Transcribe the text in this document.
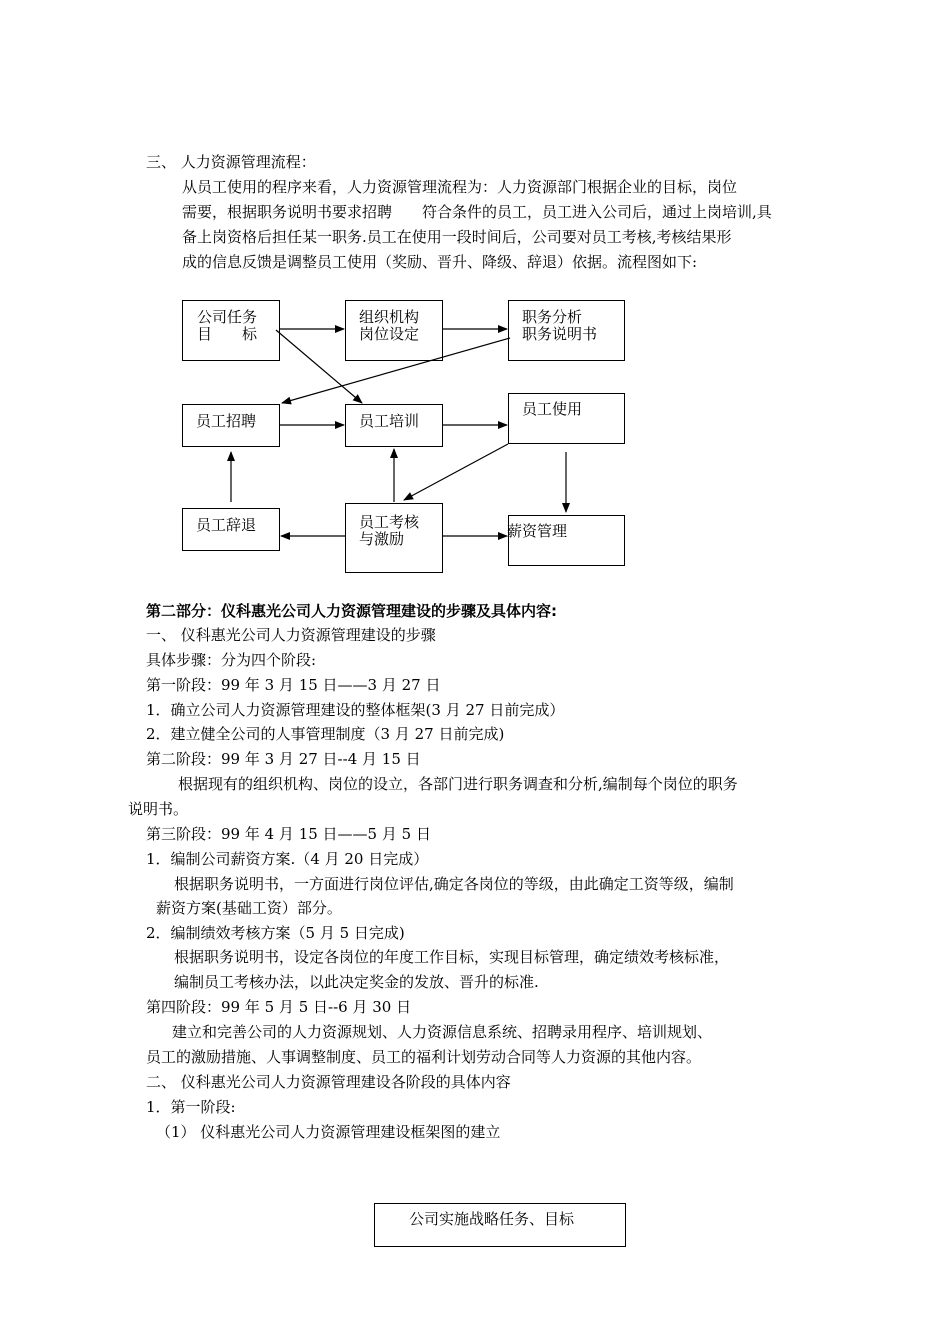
三、 人力资源管理流程：
从员工使用的程序来看，人力资源管理流程为：人力资源部门根据企业的目标，岗位
需要，根据职务说明书要求招聘　　符合条件的员工，员工进入公司后，通过上岗培训,具
备上岗资格后担任某一职务.员工在使用一段时间后，公司要对员工考核,考核结果形
成的信息反馈是调整员工使用（奖励、晋升、降级、辞退）依据。流程图如下:
公司任务
目　　标
组织机构
岗位设定
职务分析
职务说明书
员工招聘	员工培训
员工使用
员工辞退	员工考核
与激励	薪资管理
第二部分：仪科惠光公司人力资源管理建设的步骤及具体内容:
一、 仪科惠光公司人力资源管理建设的步骤
具体步骤：分为四个阶段:
第一阶段：99 年 3 月 15 日——3 月 27 日
1．确立公司人力资源管理建设的整体框架(3 月 27 日前完成）
2．建立健全公司的人事管理制度（3 月 27 日前完成)
第二阶段：99 年 3 月 27 日--4 月 15 日
根据现有的组织机构、岗位的设立，各部门进行职务调查和分析,编制每个岗位的职务
说明书。
第三阶段：99 年 4 月 15 日——5 月 5 日
1．编制公司薪资方案.（4 月 20 日完成）
根据职务说明书，一方面进行岗位评估,确定各岗位的等级，由此确定工资等级，编制
薪资方案(基础工资）部分。
2．编制绩效考核方案（5 月 5 日完成)
根据职务说明书，设定各岗位的年度工作目标，实现目标管理，确定绩效考核标准，
编制员工考核办法，以此决定奖金的发放、晋升的标准.
第四阶段：99 年 5 月 5 日--6 月 30 日
建立和完善公司的人力资源规划、人力资源信息系统、招聘录用程序、培训规划、
员工的激励措施、人事调整制度、员工的福利计划劳动合同等人力资源的其他内容。
二、 仪科惠光公司人力资源管理建设各阶段的具体内容
1．第一阶段:
（1） 仪科惠光公司人力资源管理建设框架图的建立
公司实施战略任务、目标
